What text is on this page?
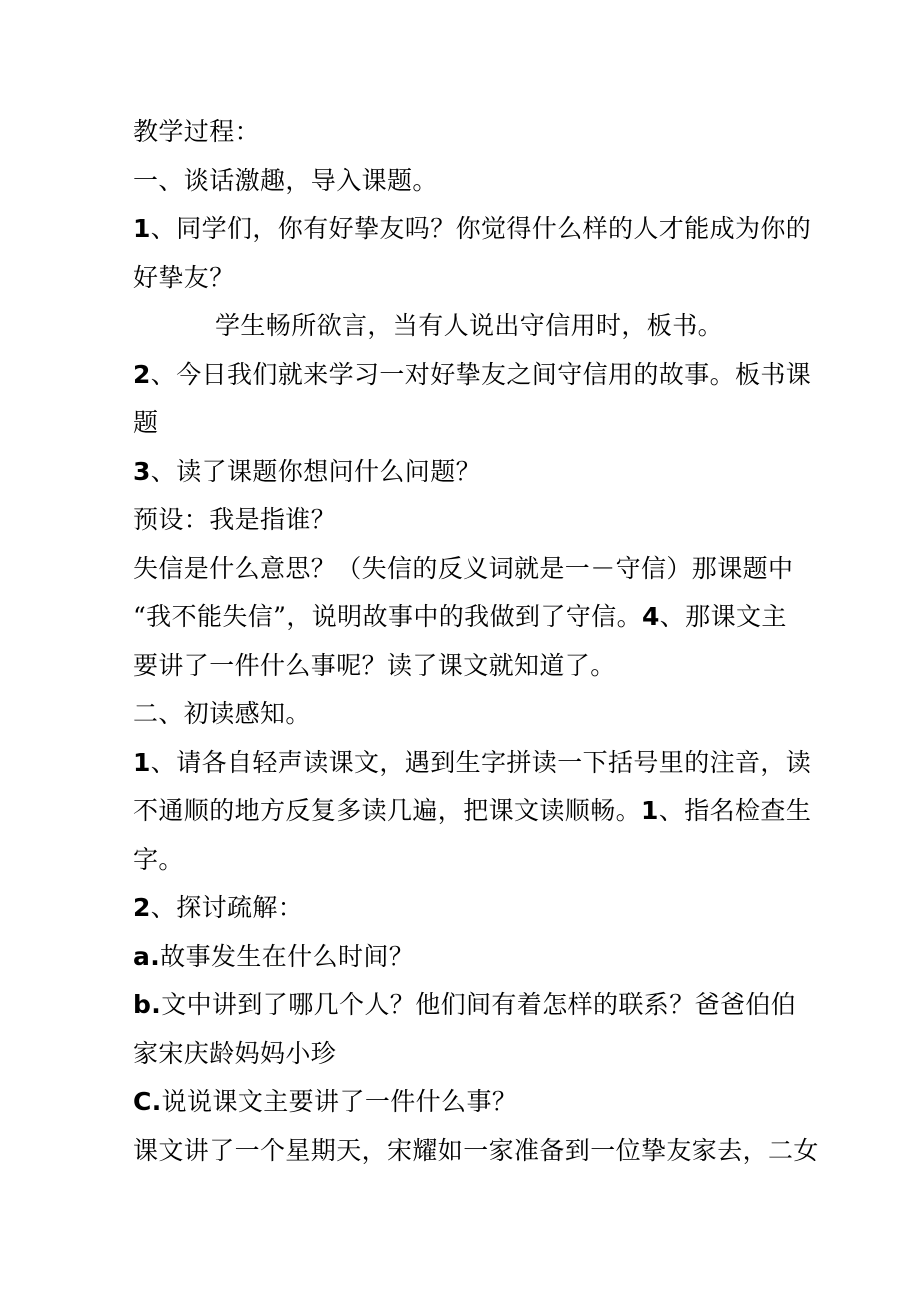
教学过程：
一、谈话激趣，导入课题。
1、同学们，你有好挚友吗？你觉得什么样的人才能成为你的
好挚友？
学生畅所欲言，当有人说出守信用时，板书。
2、今日我们就来学习一对好挚友之间守信用的故事。板书课
题
3、读了课题你想问什么问题？
预设：我是指谁？
失信是什么意思？（失信的反义词就是一－守信）那课题中
“我不能失信”，说明故事中的我做到了守信。4、那课文主
要讲了一件什么事呢？读了课文就知道了。
二、初读感知。
1、请各自轻声读课文，遇到生字拼读一下括号里的注音，读
不通顺的地方反复多读几遍，把课文读顺畅。1、指名检查生
字。
2、探讨疏解：
a.故事发生在什么时间？
b.文中讲到了哪几个人？他们间有着怎样的联系？爸爸伯伯
家宋庆龄妈妈小珍
C.说说课文主要讲了一件什么事？
课文讲了一个星期天，宋耀如一家准备到一位挚友家去，二女
